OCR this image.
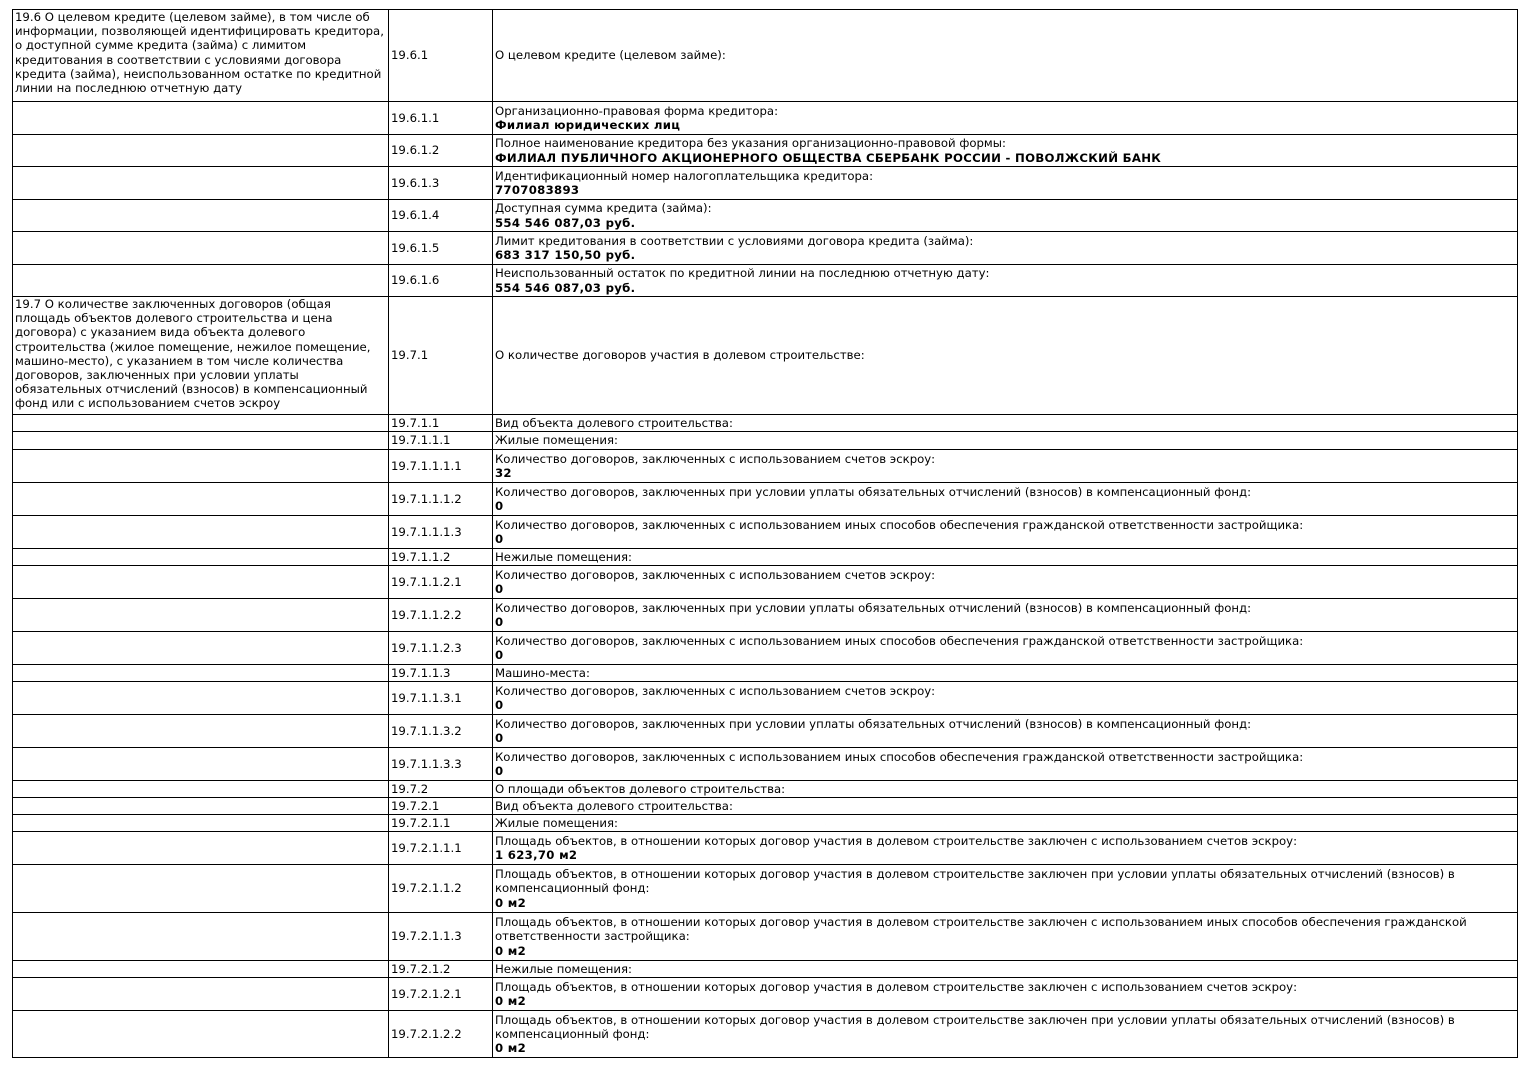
19.6 О целевом кредите (целевом займе), в том числе об информации, позволяющей идентифицировать кредитора, о доступной сумме кредита (займа) с лимитом кредитования в соответствии с условиями договора кредита (займа), неиспользованном остатке по кредитной линии на последнюю отчетную дату	19.6.1	О целевом кредите (целевом займе):

	19.6.1.1	Организационно-правовая форма кредитора:
Филиал юридических лиц

	19.6.1.2	Полное наименование кредитора без указания организационно-правовой формы:
ФИЛИАЛ ПУБЛИЧНОГО АКЦИОНЕРНОГО ОБЩЕСТВА СБЕРБАНК РОССИИ - ПОВОЛЖСКИЙ БАНК

	19.6.1.3	Идентификационный номер налогоплательщика кредитора:
7707083893

	19.6.1.4	Доступная сумма кредита (займа):
554 546 087,03 руб.

	19.6.1.5	Лимит кредитования в соответствии с условиями договора кредита (займа):
683 317 150,50 руб.

	19.6.1.6	Неиспользованный остаток по кредитной линии на последнюю отчетную дату:
554 546 087,03 руб.

19.7 О количестве заключенных договоров (общая площадь объектов долевого строительства и цена договора) с указанием вида объекта долевого строительства (жилое помещение, нежилое помещение, машино-место), с указанием в том числе количества договоров, заключенных при условии уплаты обязательных отчислений (взносов) в компенсационный фонд или с использованием счетов эскроу	19.7.1	О количестве договоров участия в долевом строительстве:

	19.7.1.1	Вид объекта долевого строительства:

	19.7.1.1.1	Жилые помещения:

	19.7.1.1.1.1	Количество договоров, заключенных с использованием счетов эскроу:
32

	19.7.1.1.1.2	Количество договоров, заключенных при условии уплаты обязательных отчислений (взносов) в компенсационный фонд:
0

	19.7.1.1.1.3	Количество договоров, заключенных с использованием иных способов обеспечения гражданской ответственности застройщика:
0

	19.7.1.1.2	Нежилые помещения:

	19.7.1.1.2.1	Количество договоров, заключенных с использованием счетов эскроу:
0

	19.7.1.1.2.2	Количество договоров, заключенных при условии уплаты обязательных отчислений (взносов) в компенсационный фонд:
0

	19.7.1.1.2.3	Количество договоров, заключенных с использованием иных способов обеспечения гражданской ответственности застройщика:
0

	19.7.1.1.3	Машино-места:

	19.7.1.1.3.1	Количество договоров, заключенных с использованием счетов эскроу:
0

	19.7.1.1.3.2	Количество договоров, заключенных при условии уплаты обязательных отчислений (взносов) в компенсационный фонд:
0

	19.7.1.1.3.3	Количество договоров, заключенных с использованием иных способов обеспечения гражданской ответственности застройщика:
0

	19.7.2	О площади объектов долевого строительства:

	19.7.2.1	Вид объекта долевого строительства:

	19.7.2.1.1	Жилые помещения:

	19.7.2.1.1.1	Площадь объектов, в отношении которых договор участия в долевом строительстве заключен с использованием счетов эскроу:
1 623,70 м2

	19.7.2.1.1.2	Площадь объектов, в отношении которых договор участия в долевом строительстве заключен при условии уплаты обязательных отчислений (взносов) в компенсационный фонд:
0 м2

	19.7.2.1.1.3	Площадь объектов, в отношении которых договор участия в долевом строительстве заключен с использованием иных способов обеспечения гражданской ответственности застройщика:
0 м2

	19.7.2.1.2	Нежилые помещения:

	19.7.2.1.2.1	Площадь объектов, в отношении которых договор участия в долевом строительстве заключен с использованием счетов эскроу:
0 м2

	19.7.2.1.2.2	Площадь объектов, в отношении которых договор участия в долевом строительстве заключен при условии уплаты обязательных отчислений (взносов) в компенсационный фонд:
0 м2
